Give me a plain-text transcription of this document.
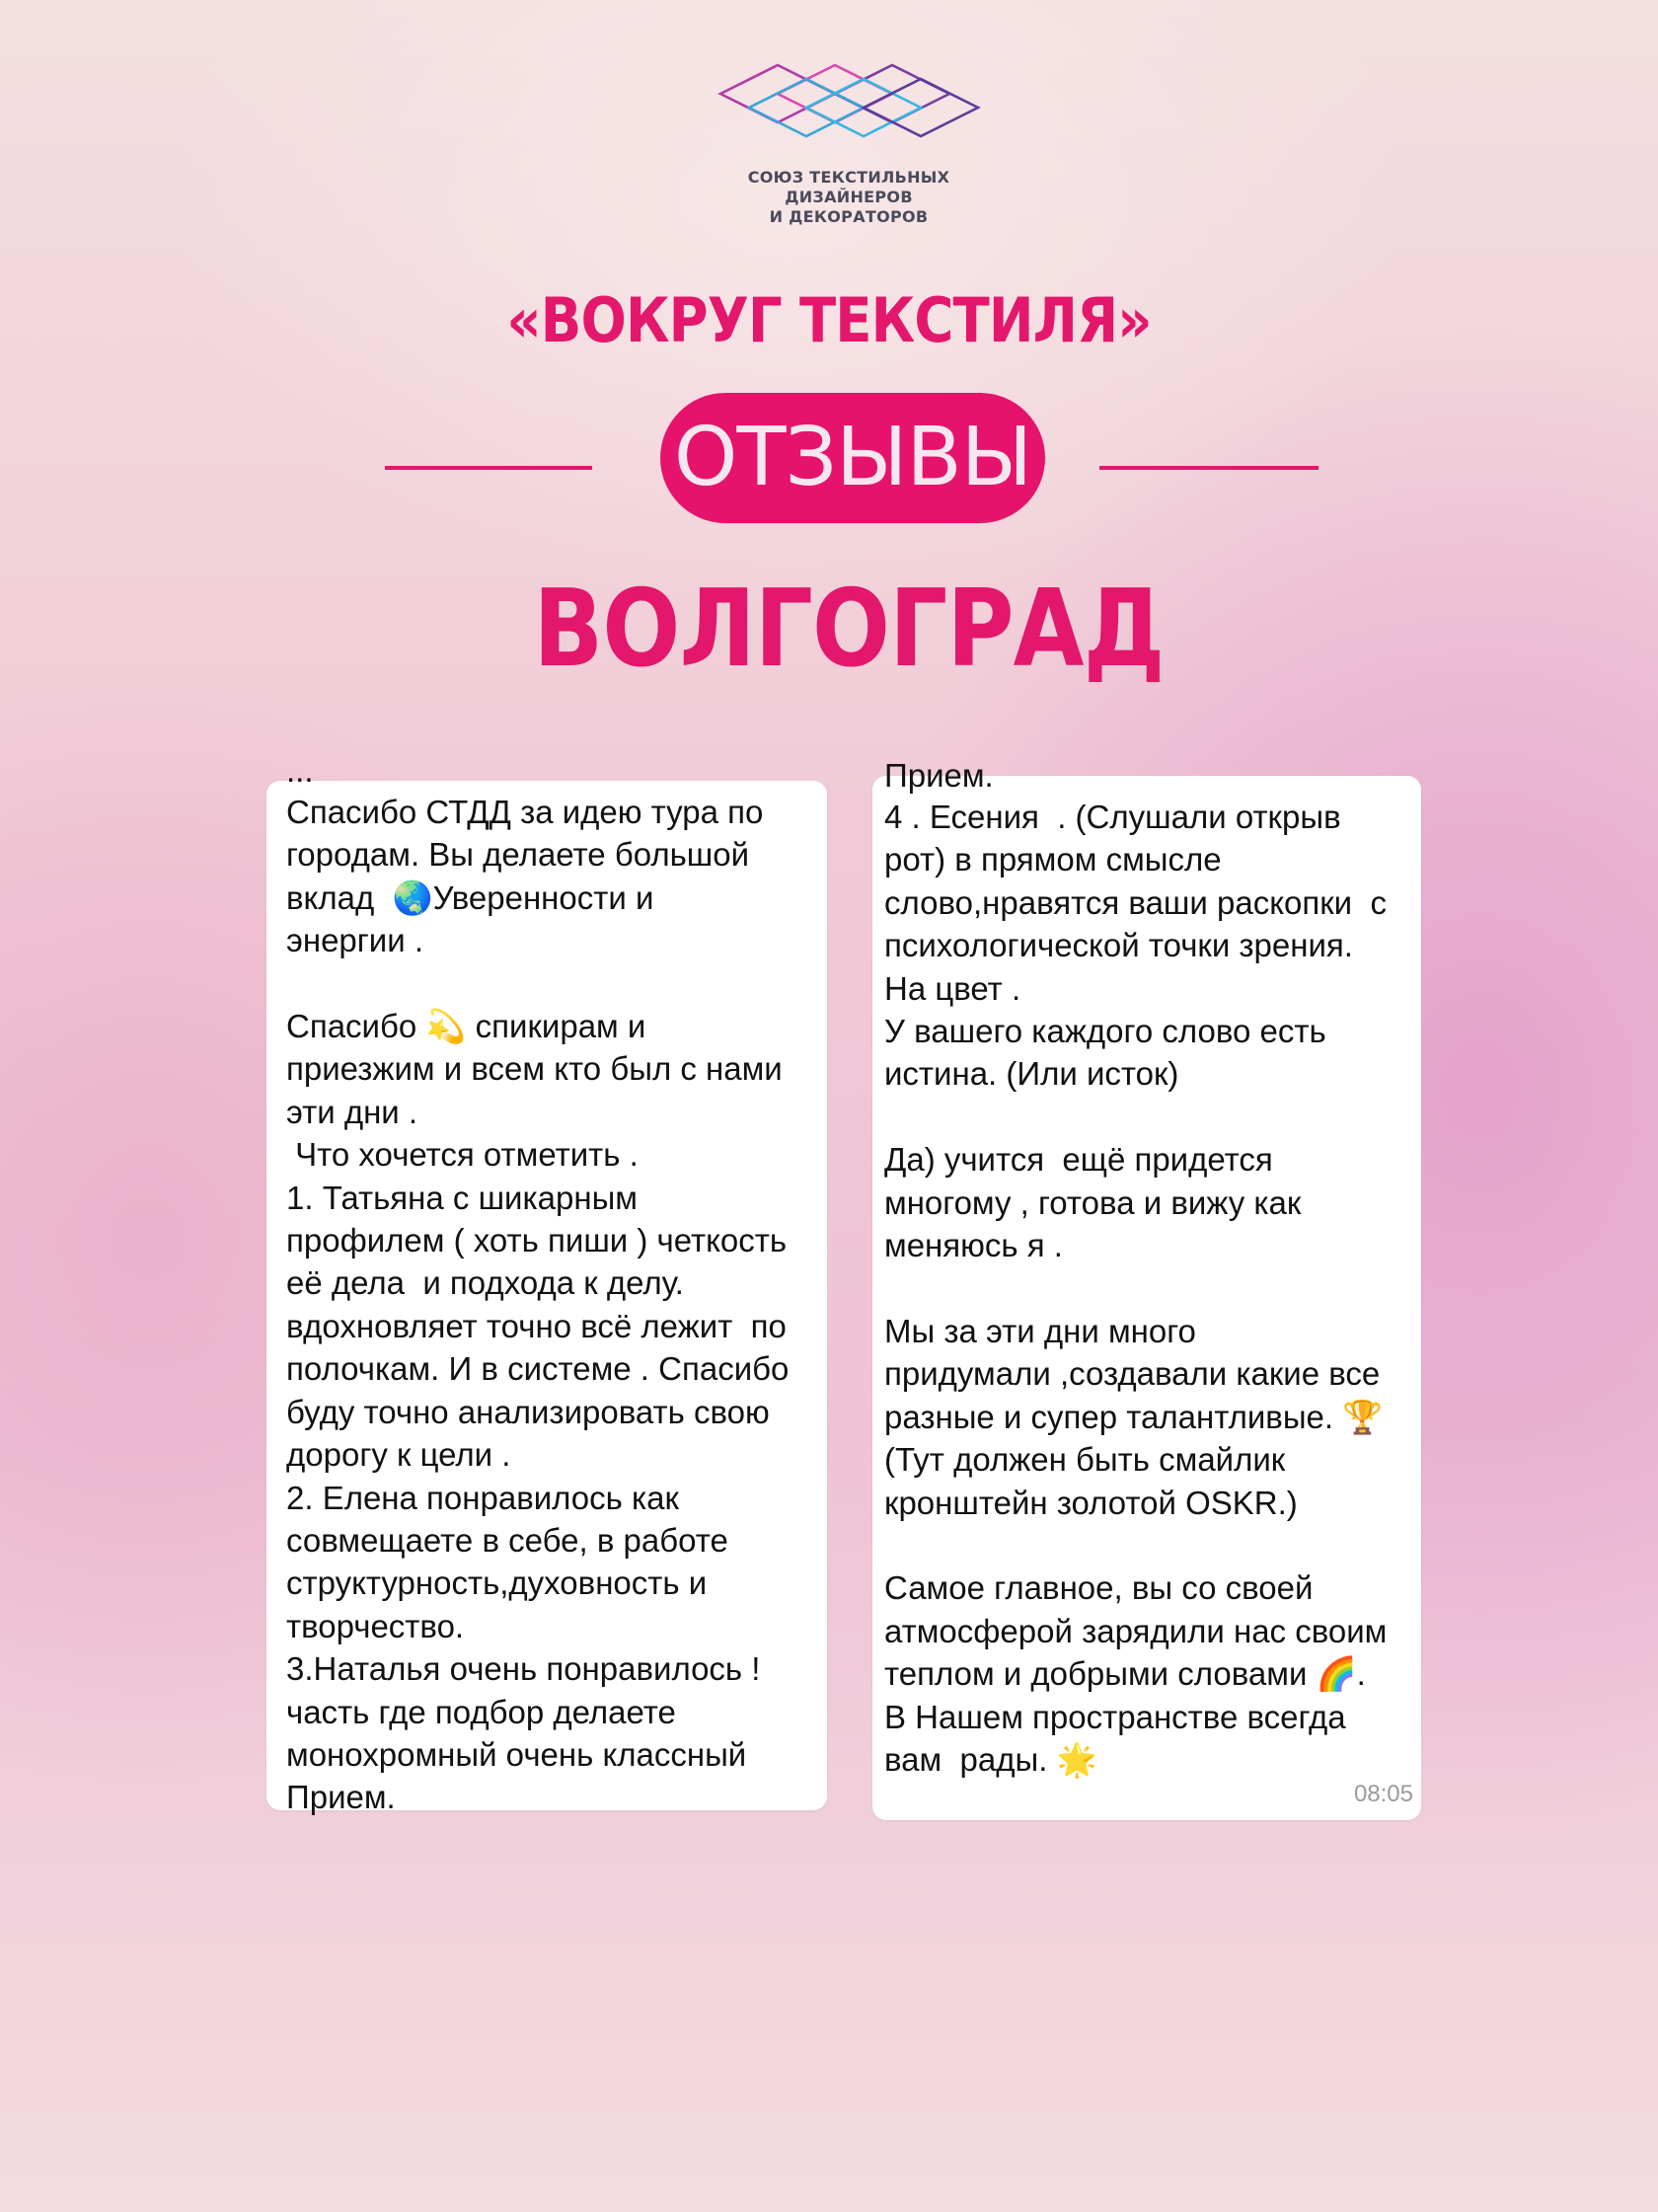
СОЮЗ ТЕКСТИЛЬНЫХ ДИЗАЙНЕРОВ
И ДЕКОРАТОРОВ
«ВОКРУГ ТЕКСТИЛЯ»
ОТЗЫВЫ
ВОЛГОГРАД
...
Спасибо СТДД за идею тура по
городам. Вы делаете большой
вклад  🌏Уверенности и
энергии .

Спасибо 💫 спикирам и
приезжим и всем кто был с нами
эти дни .
Что хочется отметить .
1. Татьяна с шикарным
профилем ( хоть пиши ) четкость
её дела  и подхода к делу.
вдохновляет точно всё лежит  по
полочкам. И в системе . Спасибо
буду точно анализировать свою
дорогу к цели .
2. Елена понравилось как
совмещаете в себе, в работе
структурность,духовность и
творчество.
3.Наталья очень понравилось !
часть где подбор делаете
монохромный очень классный
Прием.
Прием.
4 . Есения  . (Слушали открыв
рот) в прямом смысле
слово,нравятся ваши раскопки  с
психологической точки зрения.
На цвет .
У вашего каждого слово есть
истина. (Или исток)

Да) учится  ещё придется
многому , готова и вижу как
меняюсь я .

Мы за эти дни много
придумали ,создавали какие все
разные и супер талантливые. 🏆
(Тут должен быть смайлик
кронштейн золотой OSKR.)

Самое главное, вы со своей
атмосферой зарядили нас своим
теплом и добрыми словами 🌈.
В Нашем пространстве всегда
вам  рады. 🌟
08:05
